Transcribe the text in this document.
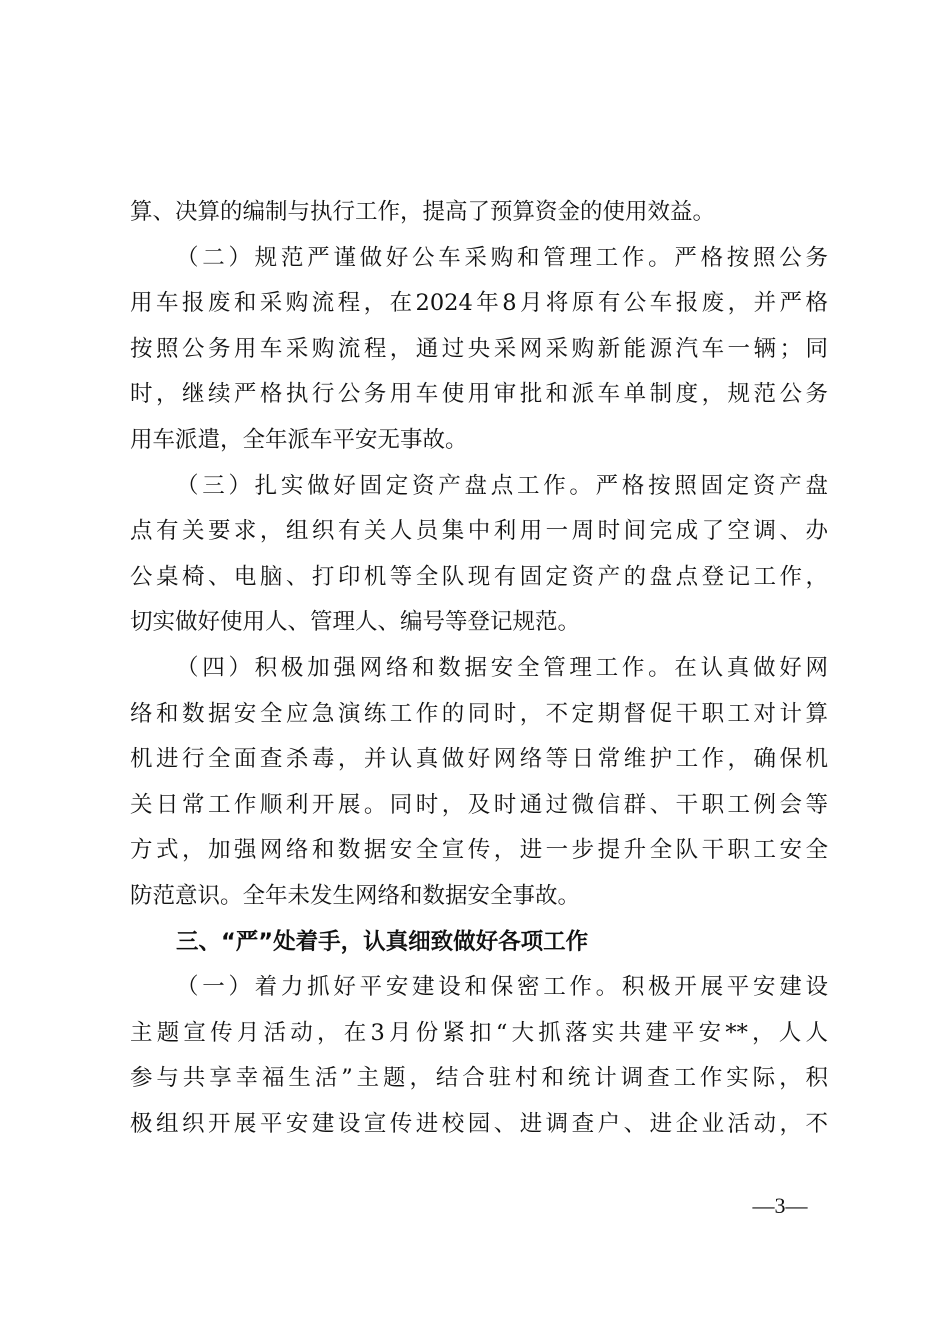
算、决算的编制与执行工作，提高了预算资金的使用效益。
（二）规范严谨做好公车采购和管理工作。严格按照公务
用车报废和采购流程，在2024年8月将原有公车报废，并严格
按照公务用车采购流程，通过央采网采购新能源汽车一辆；同
时，继续严格执行公务用车使用审批和派车单制度，规范公务
用车派遣，全年派车平安无事故。
（三）扎实做好固定资产盘点工作。严格按照固定资产盘
点有关要求，组织有关人员集中利用一周时间完成了空调、办
公桌椅、电脑、打印机等全队现有固定资产的盘点登记工作，
切实做好使用人、管理人、编号等登记规范。
（四）积极加强网络和数据安全管理工作。在认真做好网
络和数据安全应急演练工作的同时，不定期督促干职工对计算
机进行全面查杀毒，并认真做好网络等日常维护工作，确保机
关日常工作顺利开展。同时，及时通过微信群、干职工例会等
方式，加强网络和数据安全宣传，进一步提升全队干职工安全
防范意识。全年未发生网络和数据安全事故。
三、“严”处着手，认真细致做好各项工作
（一）着力抓好平安建设和保密工作。积极开展平安建设
主题宣传月活动，在3月份紧扣“大抓落实共建平安**，人人
参与共享幸福生活”主题，结合驻村和统计调查工作实际，积
极组织开展平安建设宣传进校园、进调查户、进企业活动，不
—3—
